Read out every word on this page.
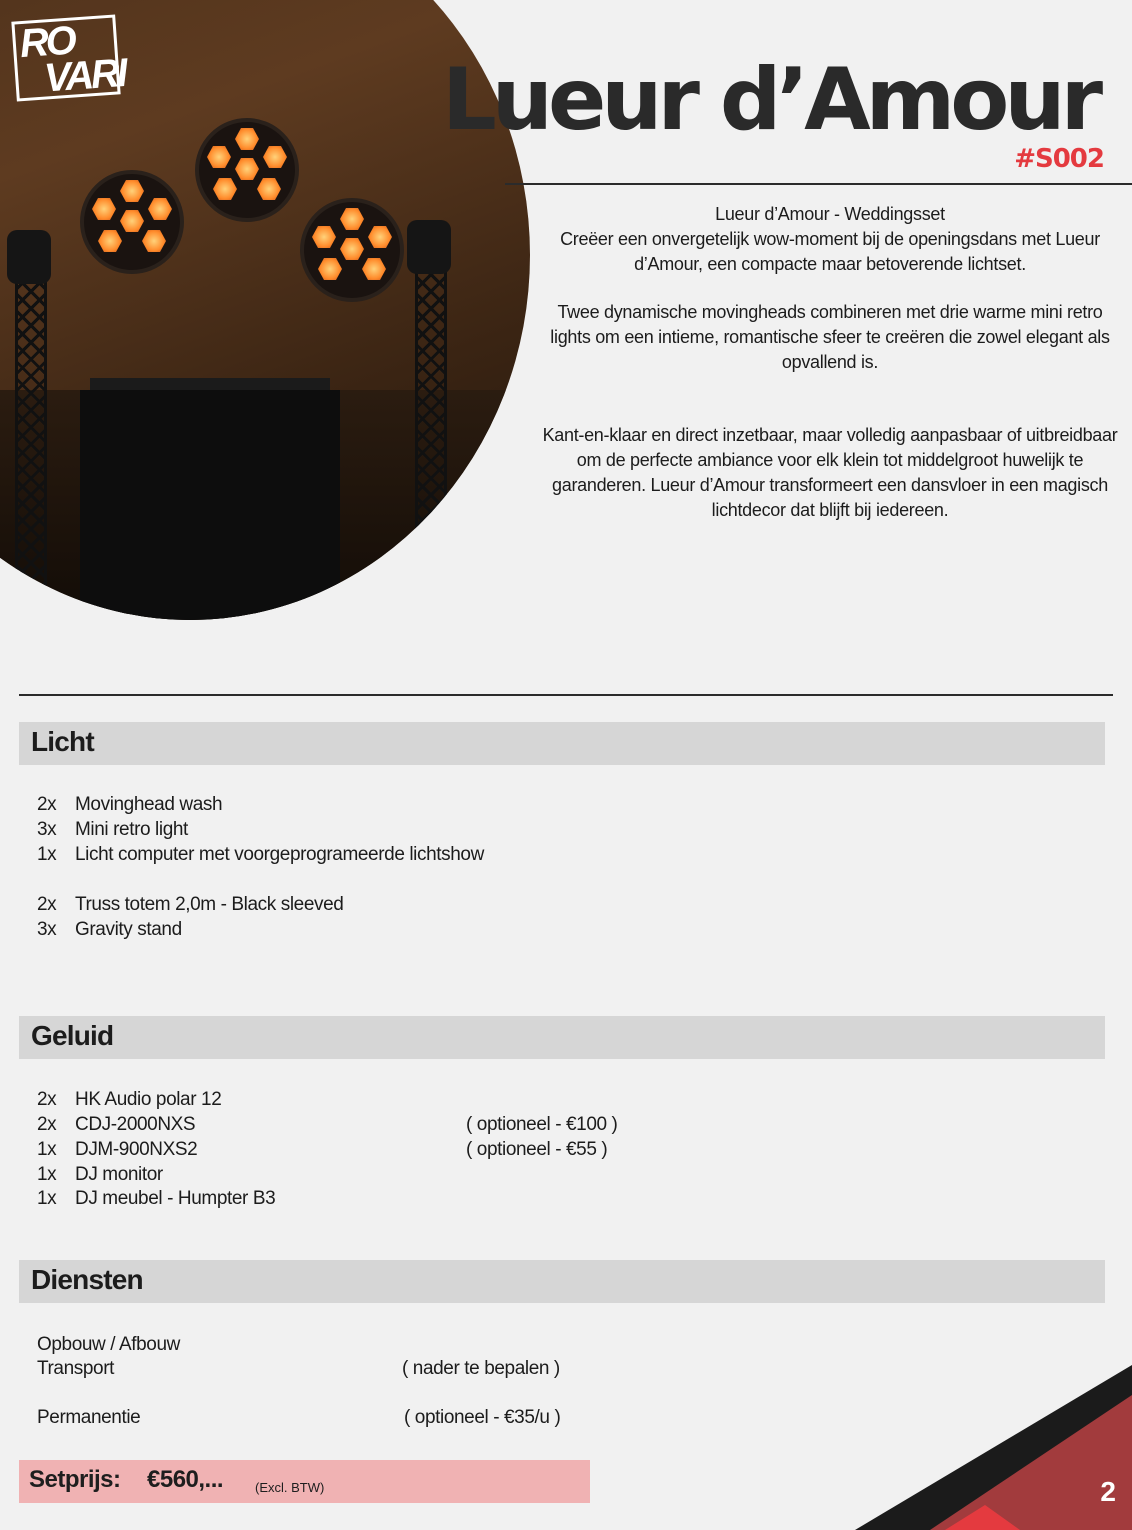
RO
VARI	Lueur d’Amour
#S002

Lueur d’Amour - Weddingsset

Creëer een onvergetelijk wow-moment bij de openingsdans met Lueur d’Amour, een compacte maar betoverende lichtset.

Twee dynamische movingheads combineren met drie warme mini retro lights om een intieme, romantische sfeer te creëren die zowel elegant als opvallend is.

Kant-en-klaar en direct inzetbaar, maar volledig aanpasbaar of uitbreidbaar om de perfecte ambiance voor elk klein tot middelgroot huwelijk te garanderen. Lueur d’Amour transformeert een dansvloer in een magisch lichtdecor dat blijft bij iedereen.

Licht
2x Movinghead wash
3x Mini retro light
1x Licht computer met voorgeprogrameerde lichtshow
2x Truss totem 2,0m - Black sleeved
3x Gravity stand
Geluid
2x HK Audio polar 12
2x CDJ-2000NXS	( optioneel - €100 )
1x DJM-900NXS2	( optioneel - €55 )
1x DJ monitor
1x DJ meubel - Humpter B3
Diensten
Opbouw / Afbouw
Transport	( nader te bepalen )
Permanentie	( optioneel - €35/u )
Setprijs: €560,... (Excl. BTW)	2
